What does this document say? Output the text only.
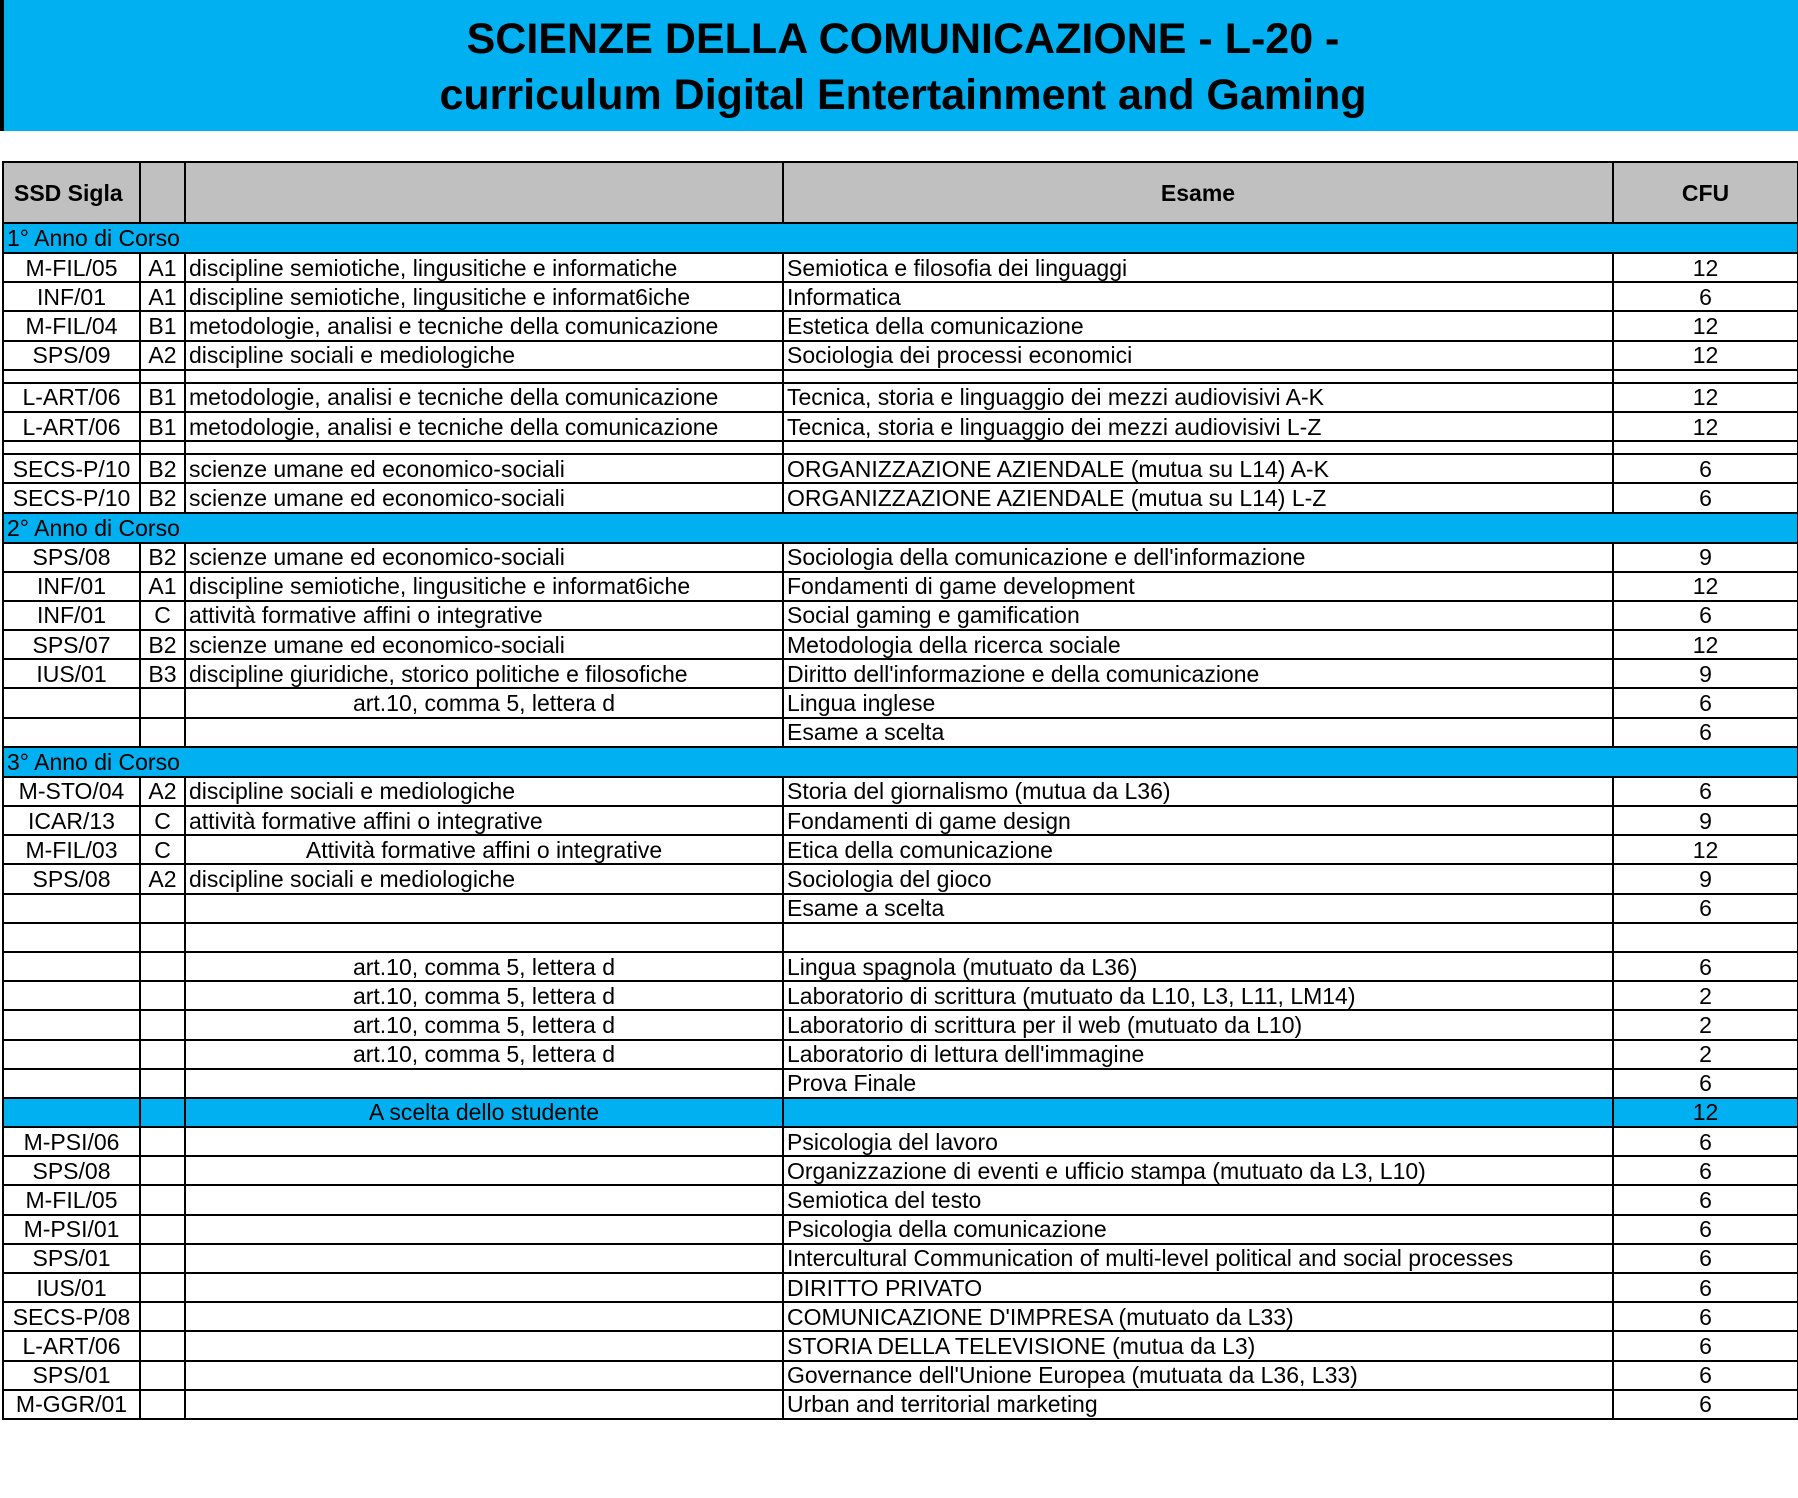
SCIENZE DELLA COMUNICAZIONE - L-20 -
curriculum Digital Entertainment and Gaming
SSD Sigla			Esame	CFU
1° Anno di Corso				
M-FIL/05	A1	discipline semiotiche, lingusitiche e informatiche	Semiotica e filosofia dei linguaggi	12
INF/01	A1	discipline semiotiche, lingusitiche e informat6iche	Informatica	6
M-FIL/04	B1	metodologie, analisi e tecniche della comunicazione	Estetica della comunicazione	12
SPS/09	A2	discipline sociali e mediologiche	Sociologia dei processi economici	12

L-ART/06	B1	metodologie, analisi e tecniche della comunicazione	Tecnica, storia e linguaggio dei mezzi audiovisivi A-K	12
L-ART/06	B1	metodologie, analisi e tecniche della comunicazione	Tecnica, storia e linguaggio dei mezzi audiovisivi L-Z	12

SECS-P/10	B2	scienze umane ed economico-sociali	ORGANIZZAZIONE AZIENDALE (mutua su L14) A-K	6
SECS-P/10	B2	scienze umane ed economico-sociali	ORGANIZZAZIONE AZIENDALE (mutua su L14) L-Z	6
2° Anno di Corso				
SPS/08	B2	scienze umane ed economico-sociali	Sociologia della comunicazione e dell'informazione	9
INF/01	A1	discipline semiotiche, lingusitiche e informat6iche	Fondamenti di game development	12
INF/01	C	attività formative affini o integrative	Social gaming e gamification	6
SPS/07	B2	scienze umane ed economico-sociali	Metodologia della ricerca sociale	12
IUS/01	B3	discipline giuridiche, storico politiche e filosofiche	Diritto dell'informazione e della comunicazione	9
		art.10, comma 5, lettera d	Lingua inglese	6
			Esame a scelta	6
3° Anno di Corso				
M-STO/04	A2	discipline sociali e mediologiche	Storia del giornalismo (mutua da L36)	6
ICAR/13	C	attività formative affini o integrative	Fondamenti di game design	9
M-FIL/03	C	Attività formative affini o integrative	Etica della comunicazione	12
SPS/08	A2	discipline sociali e mediologiche	Sociologia del gioco	9
			Esame a scelta	6

		art.10, comma 5, lettera d	Lingua spagnola (mutuato da L36)	6
		art.10, comma 5, lettera d	Laboratorio di scrittura (mutuato da L10, L3, L11, LM14)	2
		art.10, comma 5, lettera d	Laboratorio di scrittura per il web (mutuato da L10)	2
		art.10, comma 5, lettera d	Laboratorio di lettura dell'immagine	2
			Prova Finale	6
		A scelta dello studente		12
M-PSI/06			Psicologia del lavoro	6
SPS/08			Organizzazione di eventi e ufficio stampa (mutuato da L3, L10)	6
M-FIL/05			Semiotica del testo	6
M-PSI/01			Psicologia della comunicazione	6
SPS/01			Intercultural Communication of multi-level political and social processes	6
IUS/01			DIRITTO PRIVATO	6
SECS-P/08			COMUNICAZIONE D'IMPRESA (mutuato da L33)	6
L-ART/06			STORIA DELLA TELEVISIONE (mutua da L3)	6
SPS/01			Governance dell'Unione Europea (mutuata da L36, L33)	6
M-GGR/01			Urban and territorial marketing	6
